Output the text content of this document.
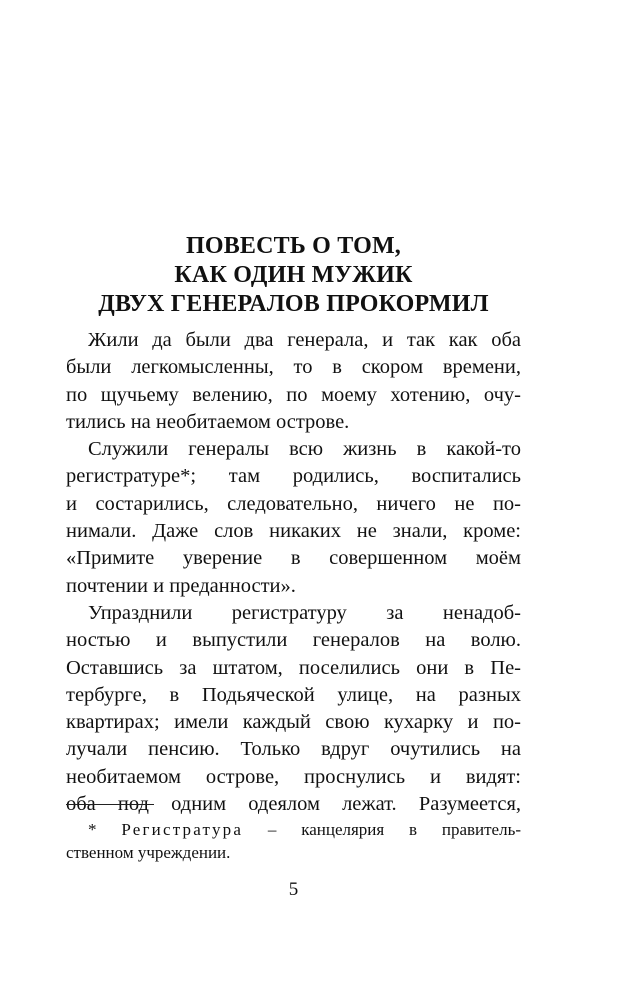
ПОВЕСТЬ О ТОМ,
КАК ОДИН МУЖИК
ДВУХ ГЕНЕРАЛОВ ПРОКОРМИЛ

Жили да были два генерала, и так как оба
были легкомысленны, то в скором времени,
по щучьему велению, по моему хотению, очу-
тились на необитаемом острове.

Служили генералы всю жизнь в какой-то
регистратуре*; там родились, воспитались
и состарились, следовательно, ничего не по-
нимали. Даже слов никаких не знали, кроме:
«Примите уверение в совершенном моём
почтении и преданности».

Упразднили регистратуру за ненадоб-
ностью и выпустили генералов на волю.
Оставшись за штатом, поселились они в Пе-
тербурге, в Подьяческой улице, на разных
квартирах; имели каждый свою кухарку и по-
лучали пенсию. Только вдруг очутились на
необитаемом острове, проснулись и видят:
оба под одним одеялом лежат. Разумеется,

* Регистратура – канцелярия в правитель-
ственном учреждении.
5
